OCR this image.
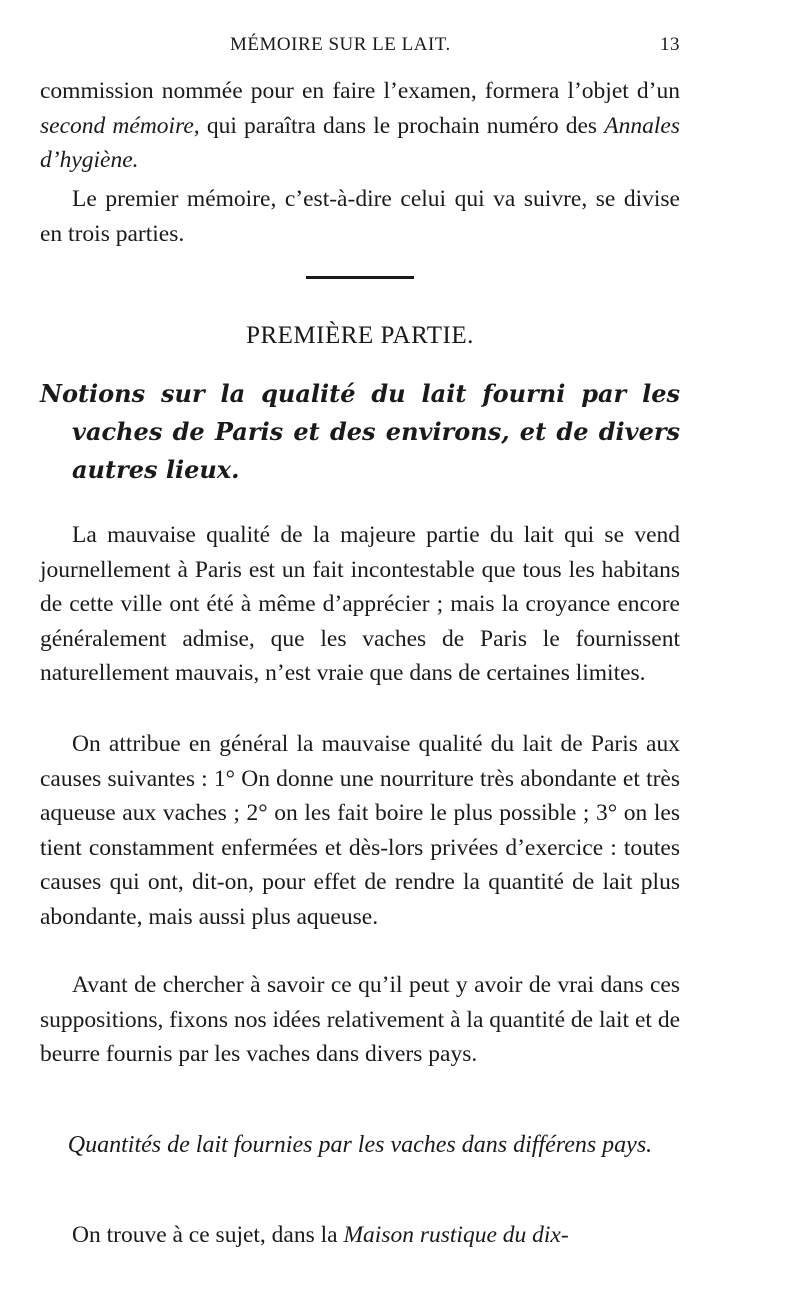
MÉMOIRE SUR LE LAIT.	13

commission nommée pour en faire l’examen, formera l’objet d’un second mémoire, qui paraîtra dans le prochain numéro des Annales d’hygiène.

Le premier mémoire, c’est-à-dire celui qui va suivre, se divise en trois parties.

PREMIÈRE PARTIE.
Notions sur la qualité du lait fourni par les vaches de Paris et des environs, et de divers autres lieux.

La mauvaise qualité de la majeure partie du lait qui se vend journellement à Paris est un fait incontestable que tous les habitans de cette ville ont été à même d’apprécier ; mais la croyance encore généralement admise, que les vaches de Paris le fournissent naturellement mauvais, n’est vraie que dans de certaines limites.

On attribue en général la mauvaise qualité du lait de Paris aux causes suivantes : 1° On donne une nourriture très abondante et très aqueuse aux vaches ; 2° on les fait boire le plus possible ; 3° on les tient constamment enfermées et dès-lors privées d’exercice : toutes causes qui ont, dit-on, pour effet de rendre la quantité de lait plus abondante, mais aussi plus aqueuse.

Avant de chercher à savoir ce qu’il peut y avoir de vrai dans ces suppositions, fixons nos idées relativement à la quantité de lait et de beurre fournis par les vaches dans divers pays.

Quantités de lait fournies par les vaches dans différens pays.

On trouve à ce sujet, dans la Maison rustique du dix-
